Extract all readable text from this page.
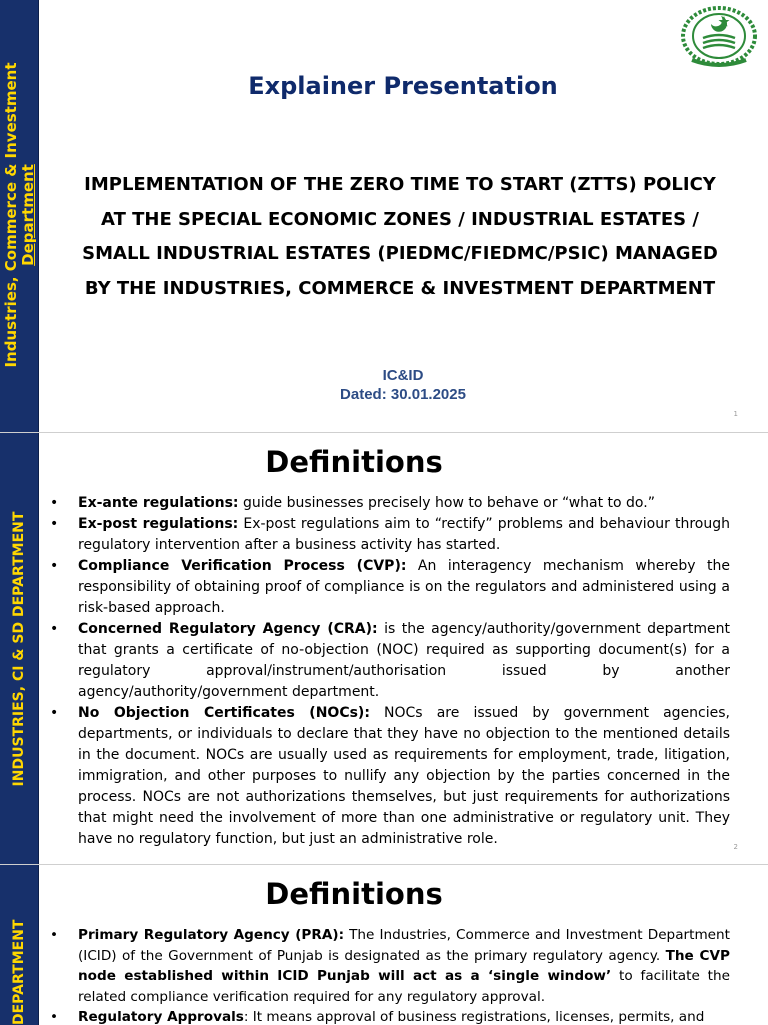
Industries, Commerce & Investment Department
Explainer Presentation
IMPLEMENTATION OF THE ZERO TIME TO START (ZTTS) POLICY AT THE SPECIAL ECONOMIC ZONES / INDUSTRIAL ESTATES / SMALL INDUSTRIAL ESTATES (PIEDMC/FIEDMC/PSIC) MANAGED BY THE INDUSTRIES, COMMERCE & INVESTMENT DEPARTMENT
IC&ID
Dated: 30.01.2025
1
INDUSTRIES, CI & SD DEPARTMENT
Definitions
• Ex-ante regulations: guide businesses precisely how to behave or “what to do.”
• Ex-post regulations: Ex-post regulations aim to “rectify” problems and behaviour through regulatory intervention after a business activity has started.
• Compliance Verification Process (CVP): An interagency mechanism whereby the responsibility of obtaining proof of compliance is on the regulators and administered using a risk-based approach.
• Concerned Regulatory Agency (CRA): is the agency/authority/government department that grants a certificate of no-objection (NOC) required as supporting document(s) for a regulatory approval/instrument/authorisation issued by another agency/authority/government department.
• No Objection Certificates (NOCs): NOCs are issued by government agencies, departments, or individuals to declare that they have no objection to the mentioned details in the document. NOCs are usually used as requirements for employment, trade, litigation, immigration, and other purposes to nullify any objection by the parties concerned in the process. NOCs are not authorizations themselves, but just requirements for authorizations that might need the involvement of more than one administrative or regulatory unit. They have no regulatory function, but just an administrative role.	2
DEPARTMENT
Definitions
• Primary Regulatory Agency (PRA): The Industries, Commerce and Investment Department (ICID) of the Government of Punjab is designated as the primary regulatory agency. The CVP node established within ICID Punjab will act as a ‘single window’ to facilitate the related compliance verification required for any regulatory approval.
• Regulatory Approvals: It means approval of business registrations, licenses, permits, and
